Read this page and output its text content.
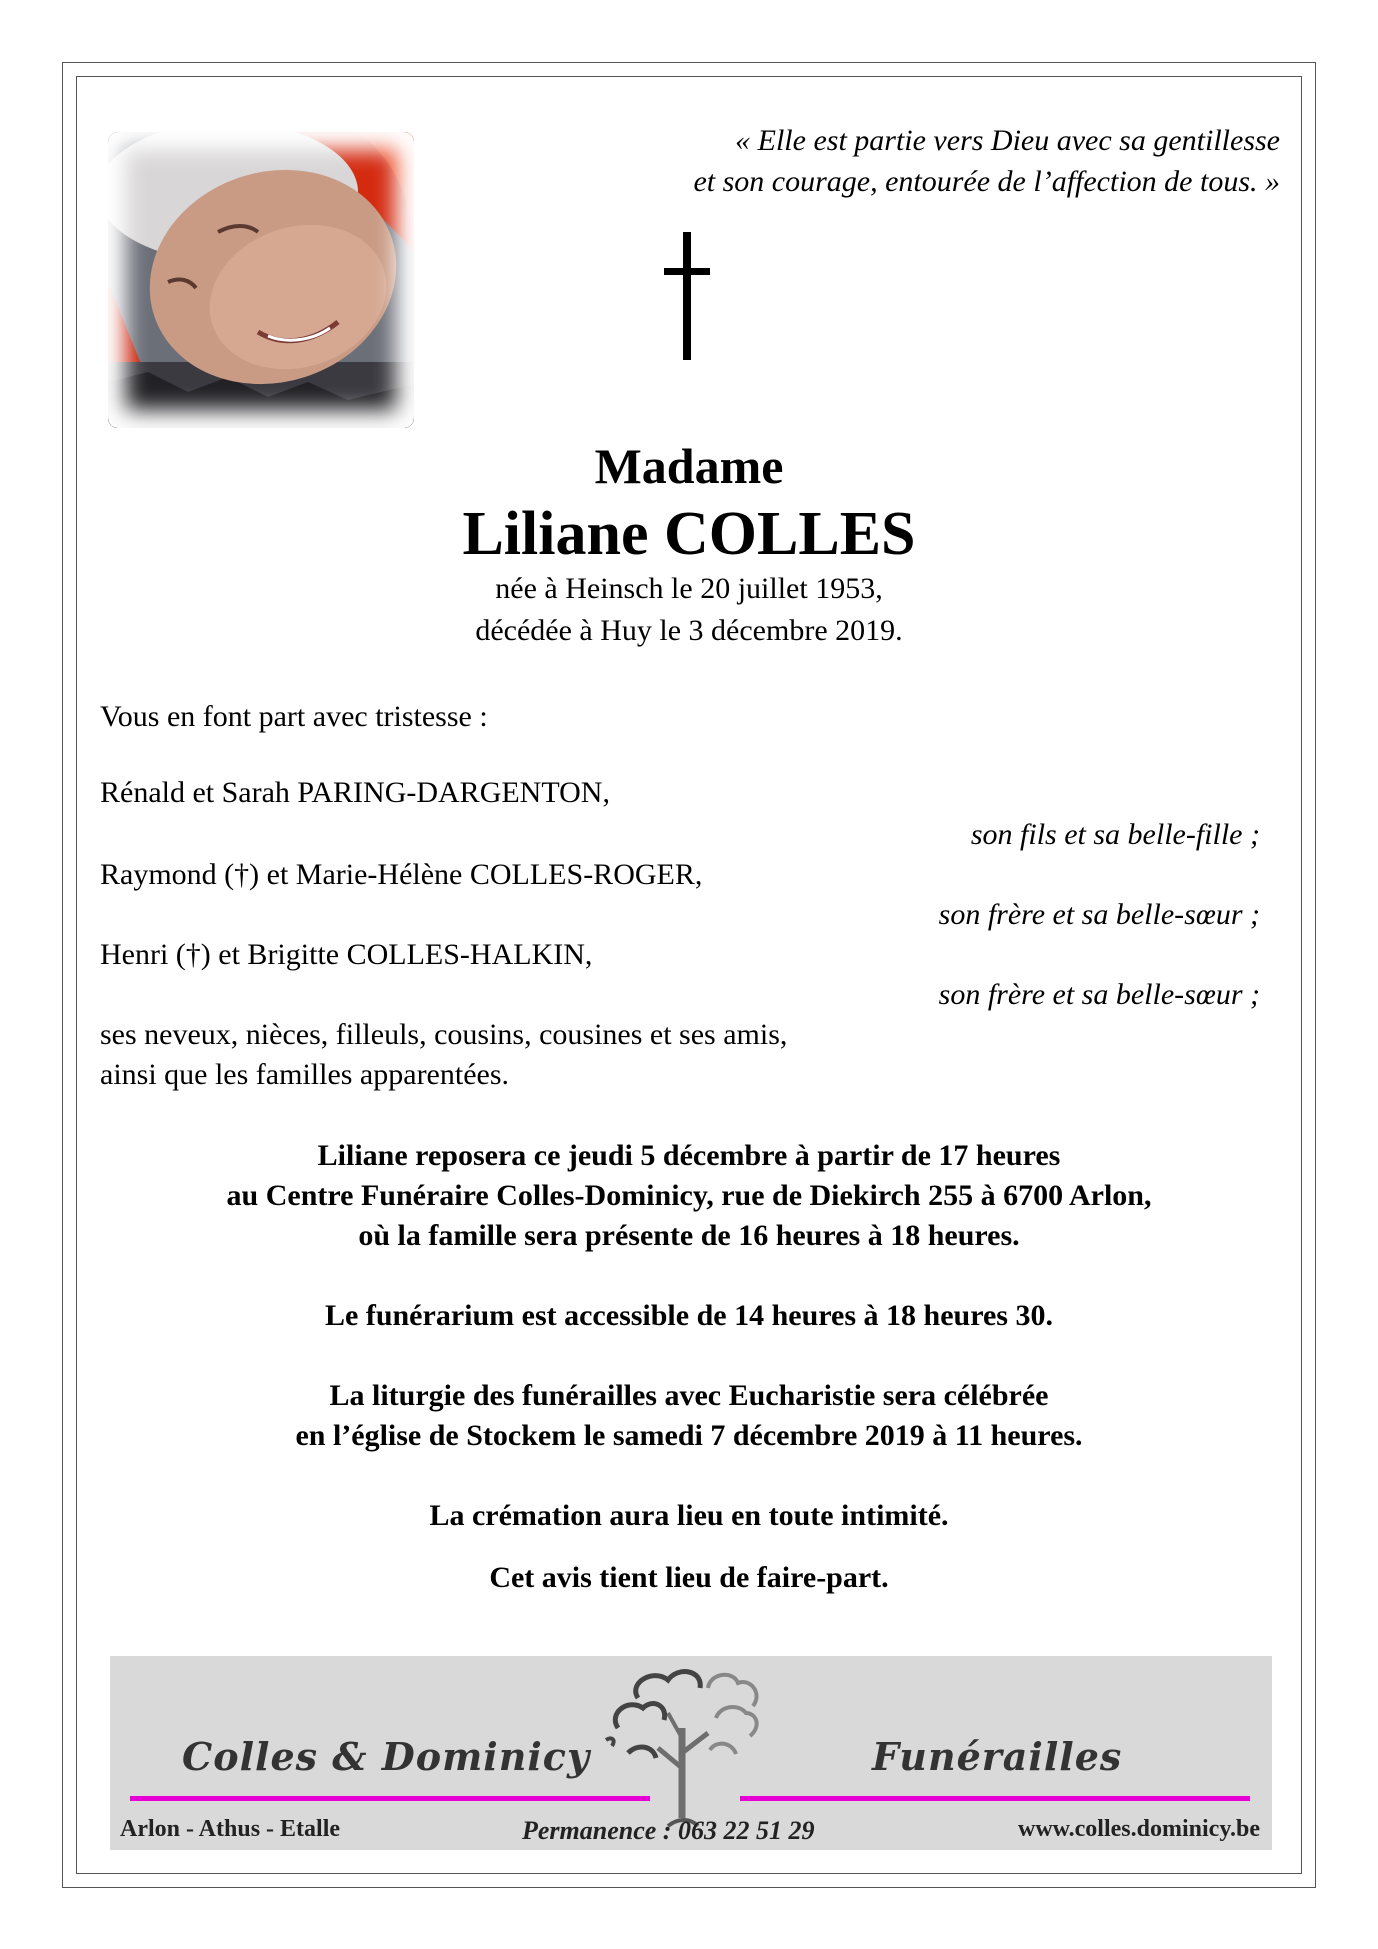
« Elle est partie vers Dieu avec sa gentillesse
et son courage, entourée de l’affection de tous. »
Madame
Liliane COLLES
née à Heinsch le 20 juillet 1953,
décédée à Huy le 3 décembre 2019.
Vous en font part avec tristesse :
Rénald et Sarah PARING-DARGENTON,
son fils et sa belle-fille ;
Raymond (†) et Marie-Hélène COLLES-ROGER,
son frère et sa belle-sœur ;
Henri (†) et Brigitte COLLES-HALKIN,
son frère et sa belle-sœur ;
ses neveux, nièces, filleuls, cousins, cousines et ses amis,
ainsi que les familles apparentées.
Liliane reposera ce jeudi 5 décembre à partir de 17 heures
au Centre Funéraire Colles-Dominicy, rue de Diekirch 255 à 6700 Arlon,
où la famille sera présente de 16 heures à 18 heures.
Le funérarium est accessible de 14 heures à 18 heures 30.
La liturgie des funérailles avec Eucharistie sera célébrée
en l’église de Stockem le samedi 7 décembre 2019 à 11 heures.
La crémation aura lieu en toute intimité.
Cet avis tient lieu de faire-part.
Colles & Dominicy	Funérailles
Arlon - Athus - Etalle	Permanence : 063 22 51 29	www.colles.dominicy.be
